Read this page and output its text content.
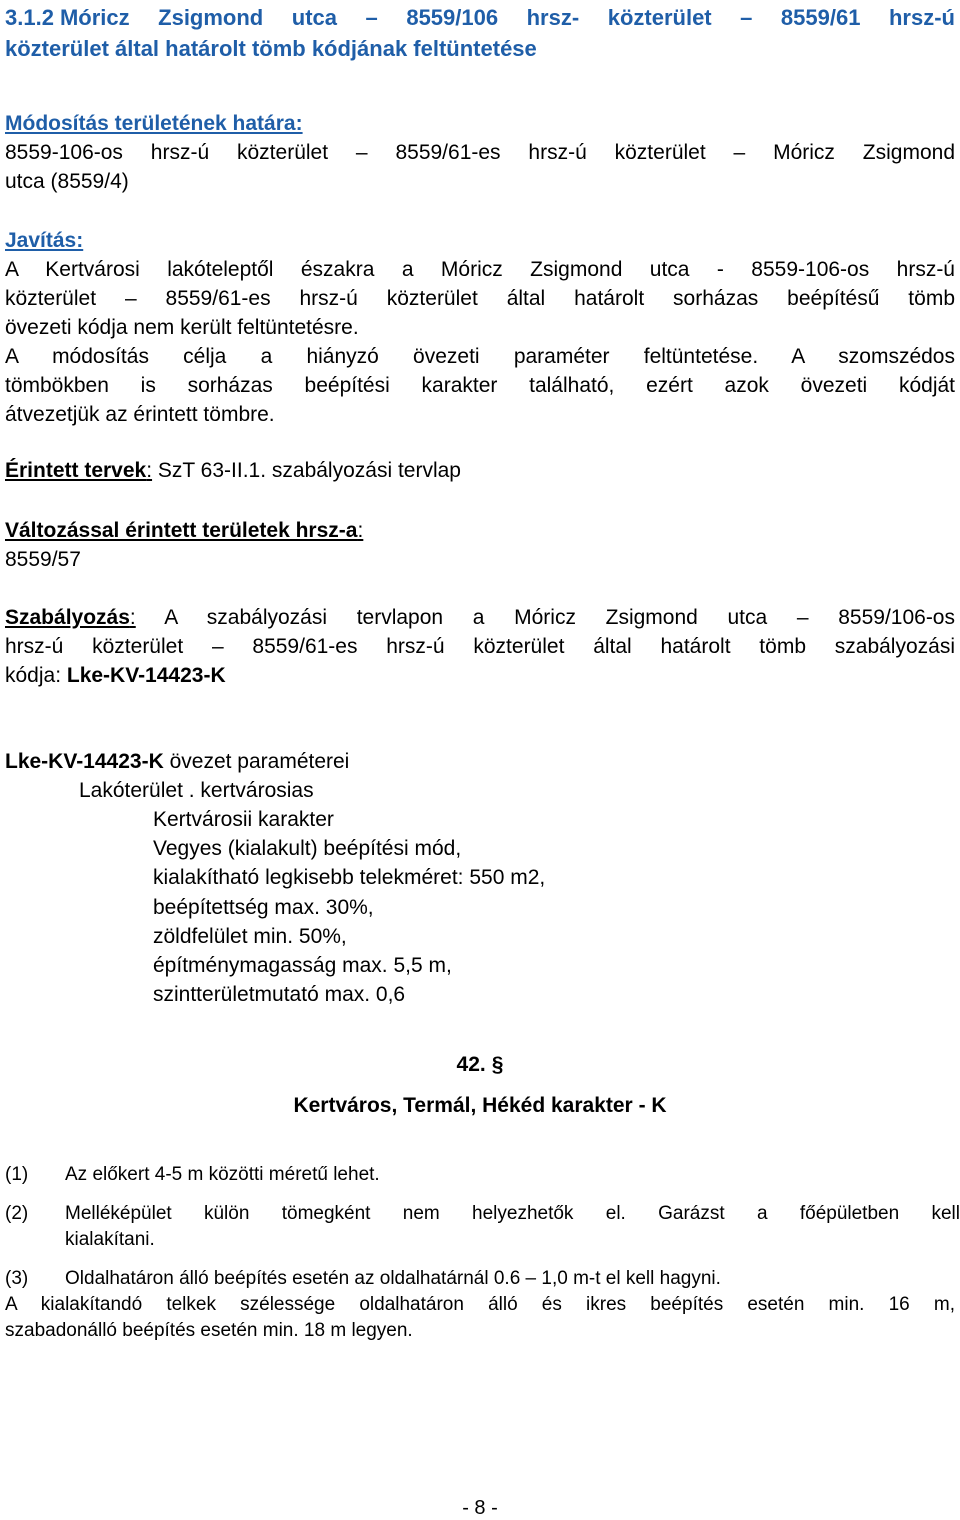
3.1.2 Móricz Zsigmond utca – 8559/106 hrsz- közterület – 8559/61 hrsz-ú
közterület által határolt tömb kódjának feltüntetése
Módosítás területének határa:
8559-106-os hrsz-ú közterület – 8559/61-es hrsz-ú közterület – Móricz Zsigmond
utca (8559/4)
Javítás:
A Kertvárosi lakóteleptől északra a Móricz Zsigmond utca - 8559-106-os hrsz-ú
közterület – 8559/61-es hrsz-ú közterület által határolt sorházas beépítésű tömb
övezeti kódja nem került feltüntetésre.
A módosítás célja a hiányzó övezeti paraméter feltüntetése. A szomszédos
tömbökben is sorházas beépítési karakter található, ezért azok övezeti kódját
átvezetjük az érintett tömbre.
Érintett tervek: SzT 63-II.1. szabályozási tervlap
Változással érintett területek hrsz-a:
8559/57
Szabályozás: A szabályozási tervlapon a Móricz Zsigmond utca – 8559/106-os
hrsz-ú közterület – 8559/61-es hrsz-ú közterület által határolt tömb szabályozási
kódja: Lke-KV-14423-K
Lke-KV-14423-K övezet paraméterei
Lakóterület . kertvárosias
Kertvárosii karakter
Vegyes (kialakult) beépítési mód,
kialakítható legkisebb telekméret: 550 m2,
beépítettség max. 30%,
zöldfelület min. 50%,
építménymagasság max. 5,5 m,
szintterületmutató max. 0,6
42. §
Kertváros, Termál, Hékéd karakter - K
(1)	Az előkert 4-5 m közötti méretű lehet.
(2)	Melléképület külön tömegként nem helyezhetők el. Garázst a főépületben kell
kialakítani.
(3)	Oldalhatáron álló beépítés esetén az oldalhatárnál 0.6 – 1,0 m-t el kell hagyni.
A kialakítandó telkek szélessége oldalhatáron álló és ikres beépítés esetén min. 16 m,
szabadonálló beépítés esetén min. 18 m legyen.
- 8 -
